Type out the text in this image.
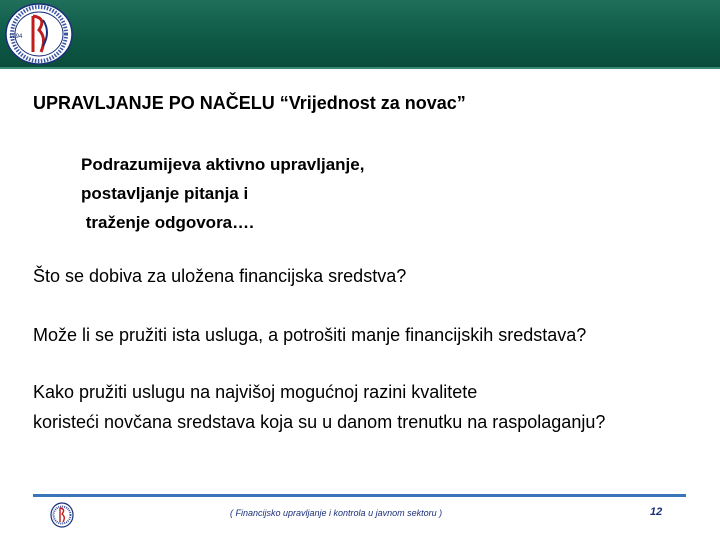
1994
UPRAVLJANJE PO NAČELU “Vrijednost za novac”
Podrazumijeva aktivno upravljanje,
postavljanje pitanja i
traženje odgovora….
Što se dobiva za uložena financijska sredstva?
Može li se pružiti ista usluga, a potrošiti manje financijskih sredstava?
Kako pružiti uslugu na najvišoj mogućnoj razini kvalitete
koristeći novčana sredstava koja su u danom trenutku na raspolaganju?
( Financijsko upravljanje i kontrola u javnom sektoru )	12
